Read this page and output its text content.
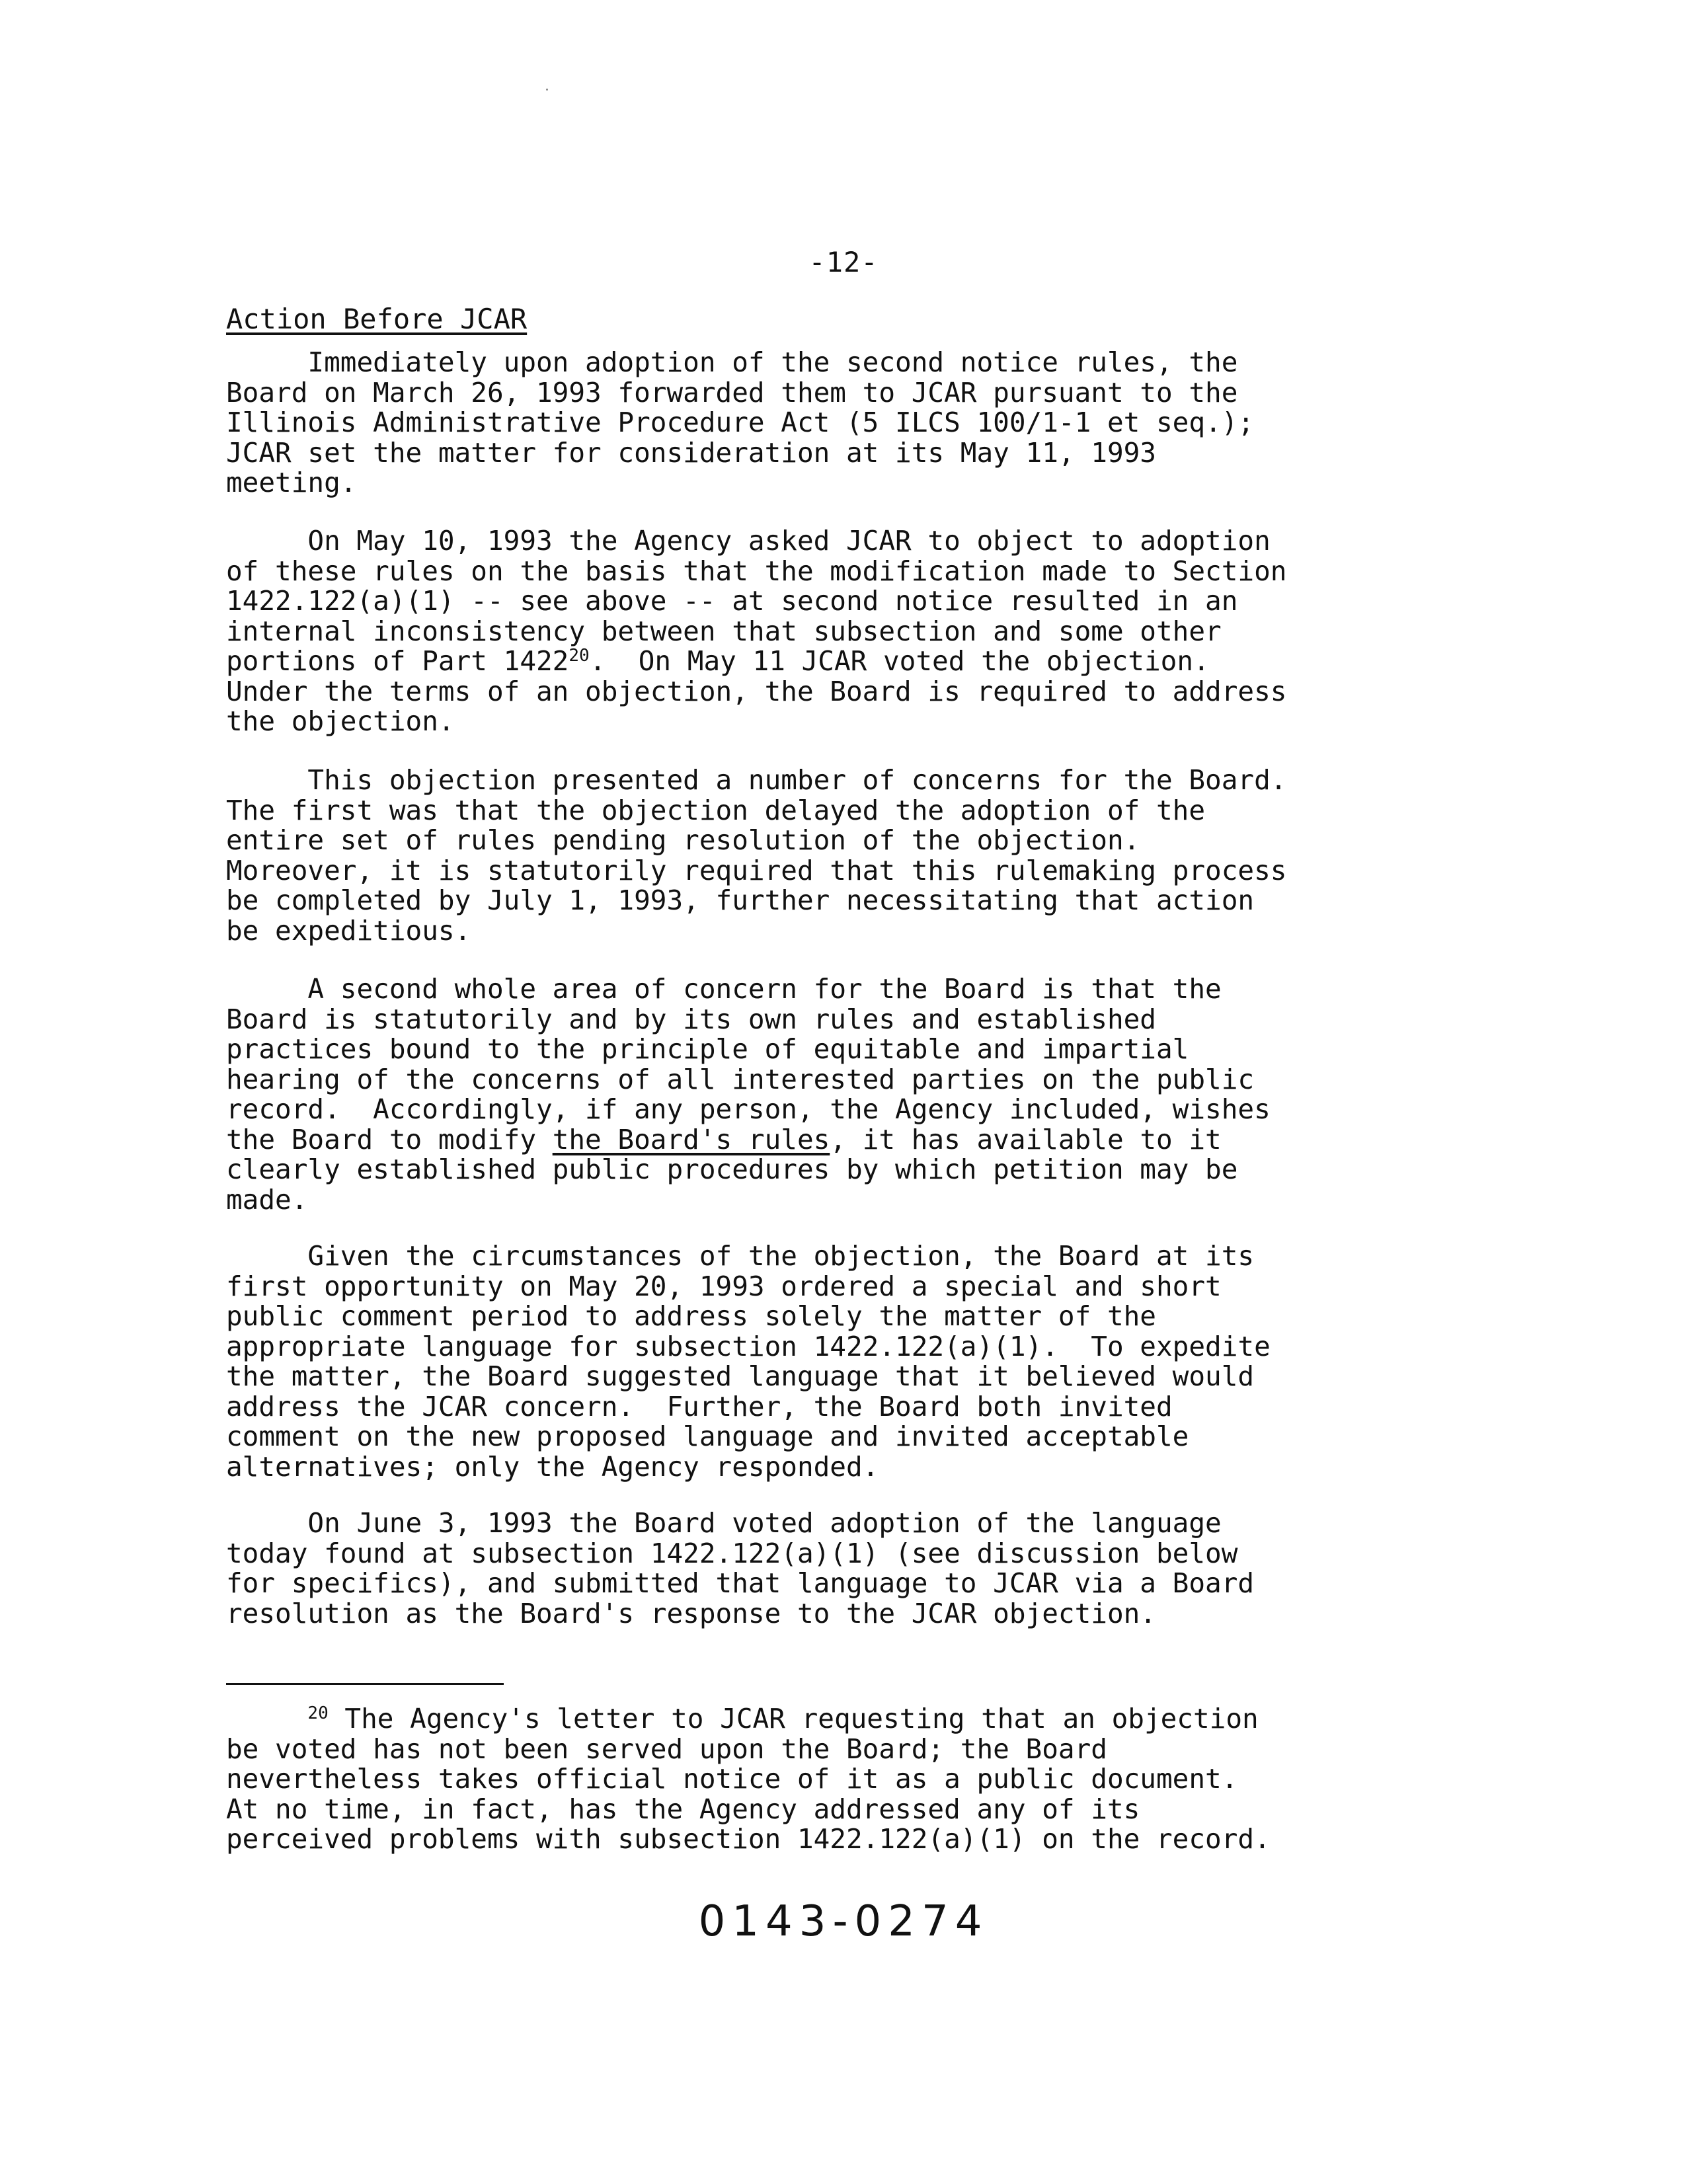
-12-
Action Before JCAR

Immediately upon adoption of the second notice rules, the
Board on March 26, 1993 forwarded them to JCAR pursuant to the
Illinois Administrative Procedure Act (5 ILCS 100/1-1 et seq.);
JCAR set the matter for consideration at its May 11, 1993
meeting.

On May 10, 1993 the Agency asked JCAR to object to adoption
of these rules on the basis that the modification made to Section
1422.122(a)(1) -- see above -- at second notice resulted in an
internal inconsistency between that subsection and some other
portions of Part 1422$^{20}$.  On May 11 JCAR voted the objection.
Under the terms of an objection, the Board is required to address
the objection.

This objection presented a number of concerns for the Board.
The first was that the objection delayed the adoption of the
entire set of rules pending resolution of the objection.
Moreover, it is statutorily required that this rulemaking process
be completed by July 1, 1993, further necessitating that action
be expeditious.

A second whole area of concern for the Board is that the
Board is statutorily and by its own rules and established
practices bound to the principle of equitable and impartial
hearing of the concerns of all interested parties on the public
record.  Accordingly, if any person, the Agency included, wishes
the Board to modify the Board's rules, it has available to it
clearly established public procedures by which petition may be
made.

Given the circumstances of the objection, the Board at its
first opportunity on May 20, 1993 ordered a special and short
public comment period to address solely the matter of the
appropriate language for subsection 1422.122(a)(1).  To expedite
the matter, the Board suggested language that it believed would
address the JCAR concern.  Further, the Board both invited
comment on the new proposed language and invited acceptable
alternatives; only the Agency responded.

On June 3, 1993 the Board voted adoption of the language
today found at subsection 1422.122(a)(1) (see discussion below
for specifics), and submitted that language to JCAR via a Board
resolution as the Board's response to the JCAR objection.

$^{20}$ The Agency's letter to JCAR requesting that an objection
be voted has not been served upon the Board; the Board
nevertheless takes official notice of it as a public document.
At no time, in fact, has the Agency addressed any of its
perceived problems with subsection 1422.122(a)(1) on the record.

0143-0274
